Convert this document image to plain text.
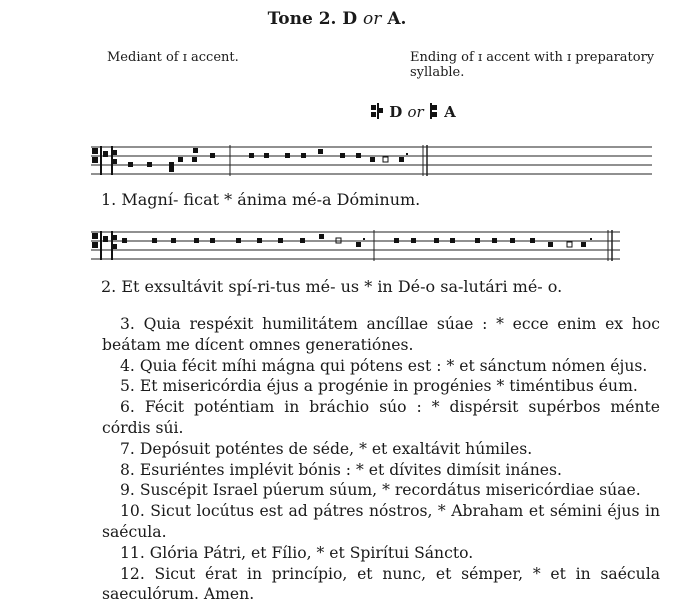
Tone 2. D or A.
Mediant of ɪ accent.	Ending of ɪ accent with ɪ preparatory syllable.
D or A
1. Magní- ficat * ánima mé-a Dóminum.
2. Et exsultávit spí-ri-tus mé- us * in Dé-o sa-lutári mé- o.
3. Quia respéxit humilitátem ancíllae súae : * ecce enim ex hoc beátam me dícent omnes generatiónes.
4. Quia fécit míhi mágna qui pótens est : * et sánctum nómen éjus.
5. Et misericórdia éjus a progénie in progénies * timéntibus éum.
6. Fécit poténtiam in bráchio súo : * dispérsit supérbos ménte córdis súi.
7. Depósuit poténtes de séde, * et exaltávit húmiles.
8. Esuriéntes implévit bónis : * et dívites dimísit inánes.
9. Suscépit Israel púerum súum, * recordátus misericórdiae súae.
10. Sicut locútus est ad pátres nóstros, * Abraham et sémini éjus in saécula.
11. Glória Pátri, et Fílio, * et Spirítui Sáncto.
12. Sicut érat in princípio, et nunc, et sémper, * et in saécula saeculórum. Amen.
